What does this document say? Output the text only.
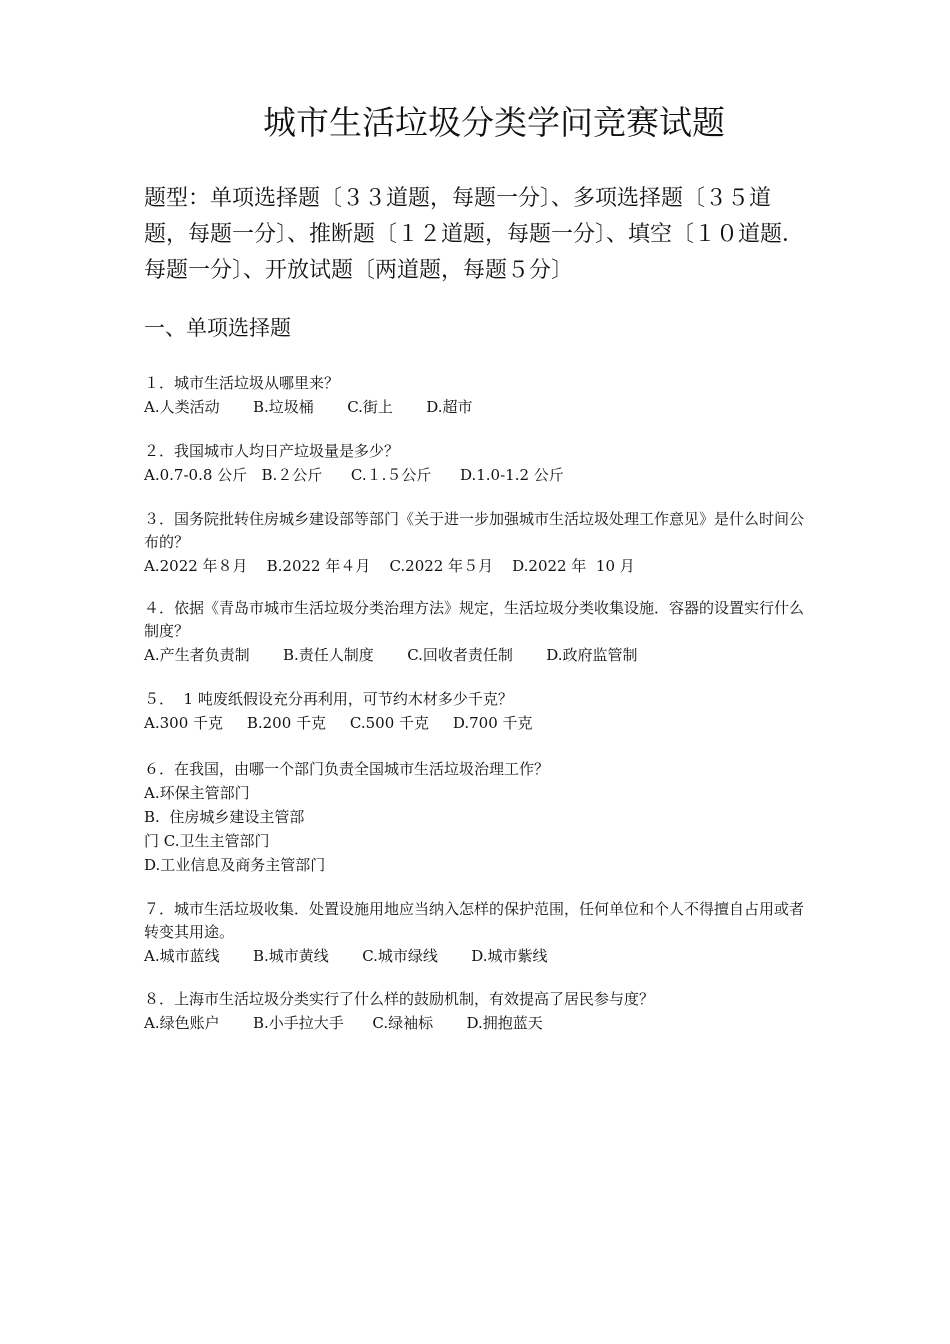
城市生活垃圾分类学问竞赛试题
题型：单项选择题〔３３道题，每题一分〕、多项选择题〔３５道题，每题一分〕、推断题〔１２道题，每题一分〕、填空〔１０道题．每题一分〕、开放试题〔两道题，每题５分〕
一、单项选择题
１．城市生活垃圾从哪里来？
A.人类活动 B.垃圾桶 C.街上 D.超市
２．我国城市人均日产垃圾量是多少？
A.0.7-0.8 公斤 B.２公斤 C.１.５公斤 D.1.0-1.2 公斤
３．国务院批转住房城乡建设部等部门《关于进一步加强城市生活垃圾处理工作意见》是什么时间公布的？
A.2022 年８月 B.2022 年４月 C.2022 年５月 D.2022 年  10 月
４．依据《青岛市城市生活垃圾分类治理方法》规定，生活垃圾分类收集设施．容器的设置实行什么制度？
A.产生者负责制 B.责任人制度 C.回收者责任制 D.政府监管制
５．  1 吨废纸假设充分再利用，可节约木材多少千克？
A.300 千克 B.200 千克 C.500 千克 D.700 千克
６．在我国，由哪一个部门负责全国城市生活垃圾治理工作？
A.环保主管部门
B.  住房城乡建设主管部
门 C.卫生主管部门
D.工业信息及商务主管部门
７．城市生活垃圾收集．处置设施用地应当纳入怎样的保护范围，任何单位和个人不得擅自占用或者转变其用途。
A.城市蓝线 B.城市黄线 C.城市绿线 D.城市紫线
８．上海市生活垃圾分类实行了什么样的鼓励机制，有效提高了居民参与度？
A.绿色账户 B.小手拉大手 C.绿袖标 D.拥抱蓝天
